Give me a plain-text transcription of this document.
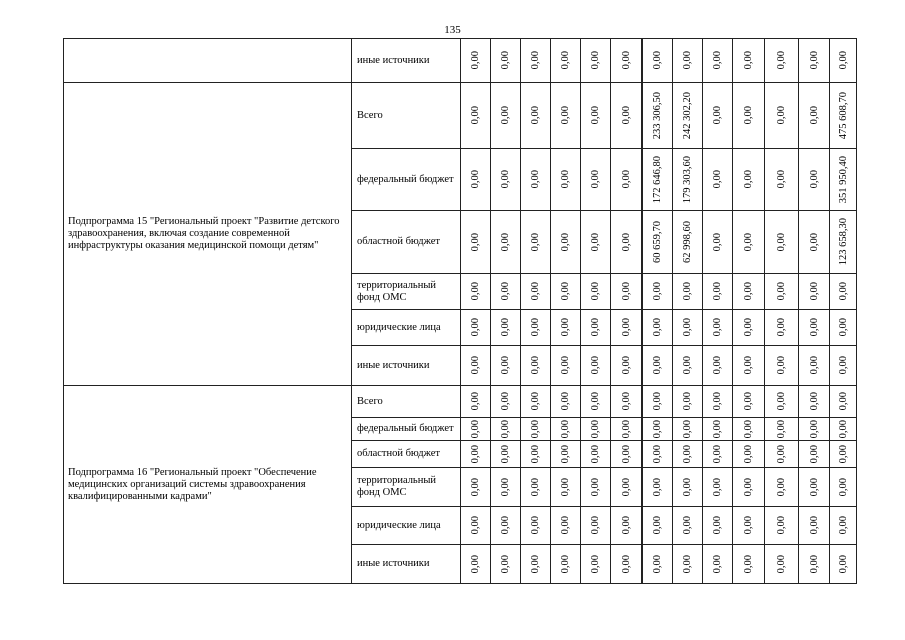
135
иные источники	0,00 0,00 0,00 0,00 0,00 0,00 0,00 0,00 0,00 0,00 0,00 0,00 0,00
Подпрограмма 15 "Региональный проект "Развитие детского здравоохранения, включая создание современной инфраструктуры оказания медицинской помощи детям"
Всего	0,00 0,00 0,00 0,00 0,00 0,00 233 306,50 242 302,20 0,00 0,00 0,00 0,00 475 608,70
федеральный бюджет 0,00 0,00 0,00 0,00 0,00 0,00 172 646,80 179 303,60 0,00 0,00 0,00 0,00 351 950,40
областной бюджет	0,00 0,00 0,00 0,00 0,00 0,00 60 659,70 62 998,60 0,00 0,00 0,00 0,00 123 658,30
территориальный фонд ОМС	0,00 0,00 0,00 0,00 0,00 0,00 0,00 0,00 0,00 0,00 0,00 0,00 0,00
юридические лица	0,00 0,00 0,00 0,00 0,00 0,00 0,00 0,00 0,00 0,00 0,00 0,00 0,00
иные источники	0,00 0,00 0,00 0,00 0,00 0,00 0,00 0,00 0,00 0,00 0,00 0,00 0,00
Подпрограмма 16 "Региональный проект "Обеспечение медицинских организаций системы здравоохранения квалифицированными кадрами"
Всего	0,00 0,00 0,00 0,00 0,00 0,00 0,00 0,00 0,00 0,00 0,00 0,00 0,00
федеральный бюджет 0,00 0,00 0,00 0,00 0,00 0,00 0,00 0,00 0,00 0,00 0,00 0,00 0,00
областной бюджет	0,00 0,00 0,00 0,00 0,00 0,00 0,00 0,00 0,00 0,00 0,00 0,00 0,00
территориальный фонд ОМС	0,00 0,00 0,00 0,00 0,00 0,00 0,00 0,00 0,00 0,00 0,00 0,00 0,00
юридические лица	0,00 0,00 0,00 0,00 0,00 0,00 0,00 0,00 0,00 0,00 0,00 0,00 0,00
иные источники	0,00 0,00 0,00 0,00 0,00 0,00 0,00 0,00 0,00 0,00 0,00 0,00 0,00
